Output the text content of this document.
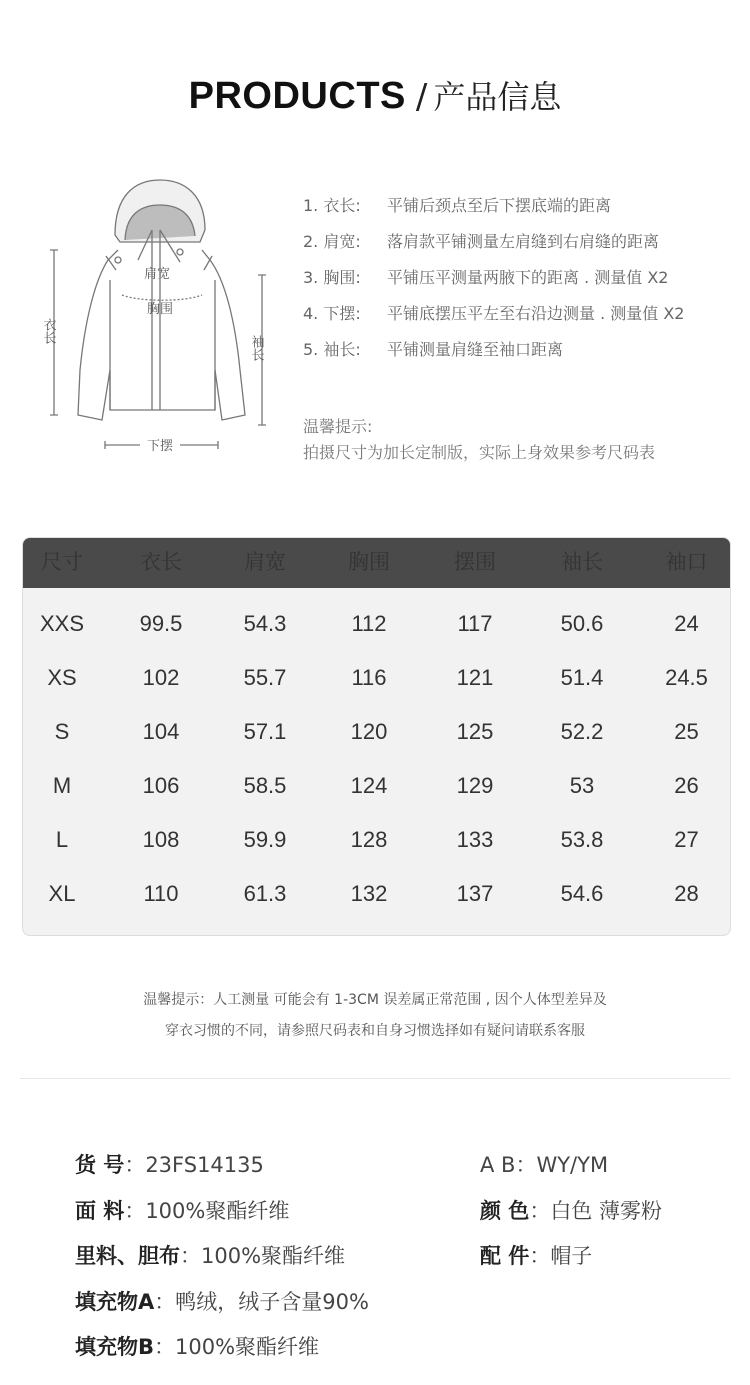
PRODUCTS / 产品信息
肩宽
胸围
下摆
衣长
袖长
1. 衣长:	平铺后颈点至后下摆底端的距离
2. 肩宽:	落肩款平铺测量左肩缝到右肩缝的距离
3. 胸围:	平铺压平测量两腋下的距离 . 测量值 X2
4. 下摆:	平铺底摆压平左至右沿边测量 . 测量值 X2
5. 袖长:	平铺测量肩缝至袖口距离
温馨提示:
拍摄尺寸为加长定制版，实际上身效果参考尺码表
尺寸	衣长	肩宽	胸围	摆围	袖长	袖口
XXS	99.5	54.3	112	117	50.6	24
XS	102	55.7	116	121	51.4	24.5
S	104	57.1	120	125	52.2	25
M	106	58.5	124	129	53	26
L	108	59.9	128	133	53.8	27
XL	110	61.3	132	137	54.6	28
温馨提示：人工测量 可能会有 1-3CM 误差属正常范围 , 因个人体型差异及
穿衣习惯的不同，请参照尺码表和自身习惯选择如有疑问请联系客服
货 号：23FS14135	A B：WY/YM
面 料：100%聚酯纤维	颜 色：白色 薄雾粉
里料、胆布：100%聚酯纤维	配 件：帽子
填充物A：鸭绒，绒子含量90%
填充物B：100%聚酯纤维
